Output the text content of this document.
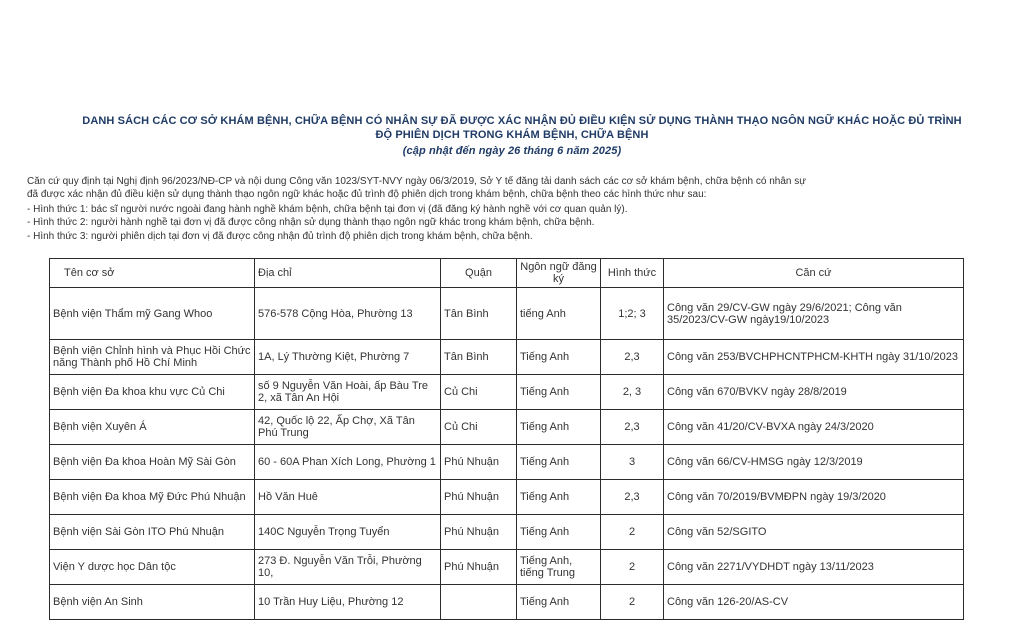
DANH SÁCH CÁC CƠ SỞ KHÁM BỆNH, CHỮA BỆNH CÓ NHÂN SỰ ĐÃ ĐƯỢC XÁC NHẬN ĐỦ ĐIỀU KIỆN SỬ DỤNG THÀNH THẠO NGÔN NGỮ KHÁC HOẶC ĐỦ TRÌNH
ĐỘ PHIÊN DỊCH TRONG KHÁM BỆNH, CHỮA BỆNH
(cập nhật đến ngày 26 tháng 6 năm 2025)
Căn cứ quy định tại Nghị định 96/2023/NĐ-CP và nội dung Công văn 1023/SYT-NVY ngày 06/3/2019, Sở Y tế đăng tải danh sách các cơ sở khám bệnh, chữa bệnh có nhân sự
đã được xác nhận đủ điều kiện sử dụng thành thạo ngôn ngữ khác hoặc đủ trình độ phiên dịch trong khám bệnh, chữa bệnh theo các hình thức như sau:
- Hình thức 1: bác sĩ người nước ngoài đang hành nghề khám bệnh, chữa bệnh tại đơn vị (đã đăng ký hành nghề với cơ quan quản lý).
- Hình thức 2: người hành nghề tại đơn vị đã được công nhận sử dụng thành thạo ngôn ngữ khác trong khám bệnh, chữa bệnh.
- Hình thức 3: người phiên dịch tại đơn vị đã được công nhận đủ trình độ phiên dịch trong khám bệnh, chữa bệnh.
Tên cơ sở	Địa chỉ	Quận	Ngôn ngữ đăng ký	Hình thức	Căn cứ
Bệnh viện Thẩm mỹ Gang Whoo	576-578 Cộng Hòa, Phường 13	Tân Bình	tiếng Anh	1;2; 3	Công văn 29/CV-GW ngày 29/6/2021; Công văn 35/2023/CV-GW ngày19/10/2023
Bệnh viện Chỉnh hình và Phục Hồi Chức năng Thành phố Hồ Chí Minh	1A, Lý Thường Kiệt, Phường 7	Tân Bình	Tiếng Anh	2,3	Công văn 253/BVCHPHCNTPHCM-KHTH ngày 31/10/2023
Bệnh viện Đa khoa khu vực Củ Chi	số 9 Nguyễn Văn Hoài, ấp Bàu Tre 2, xã Tân An Hội	Củ Chi	Tiếng Anh	2, 3	Công văn 670/BVKV ngày 28/8/2019
Bệnh viện Xuyên Á	42, Quốc lộ 22, Ấp Chợ, Xã Tân Phú Trung	Củ Chi	Tiếng Anh	2,3	Công văn 41/20/CV-BVXA ngày 24/3/2020
Bệnh viện Đa khoa Hoàn Mỹ Sài Gòn	60 - 60A Phan Xích Long, Phường 1	Phú Nhuận	Tiếng Anh	3	Công văn 66/CV-HMSG ngày 12/3/2019
Bệnh viện Đa khoa Mỹ Đức Phú Nhuận	Hồ Văn Huê	Phú Nhuận	Tiếng Anh	2,3	Công văn 70/2019/BVMĐPN ngày 19/3/2020
Bệnh viện Sài Gòn ITO Phú Nhuận	140C Nguyễn Trọng Tuyển	Phú Nhuận	Tiếng Anh	2	Công văn 52/SGITO
Viện Y dược học Dân tộc	273 Đ. Nguyễn Văn Trỗi, Phường 10,	Phú Nhuận	Tiếng Anh, tiếng Trung	2	Công văn 2271/VYDHDT ngày 13/11/2023
Bệnh viện An Sinh	10 Trần Huy Liệu, Phường 12		Tiếng Anh	2	Công văn 126-20/AS-CV
